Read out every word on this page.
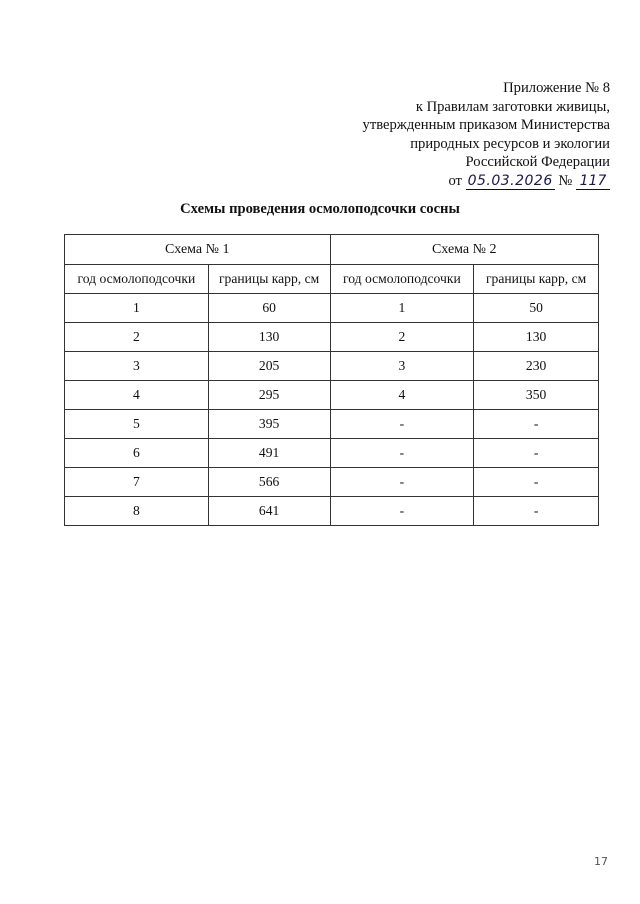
Приложение № 8
к Правилам заготовки живицы,
утвержденным приказом Министерства
природных ресурсов и экологии
Российской Федерации
от 05.03.2026 № 117
Схемы проведения осмолоподсочки сосны
Схема № 1		Схема № 2	
год осмолоподсочки	границы карр, см	год осмолоподсочки	границы карр, см
1	60	1	50
2	130	2	130
3	205	3	230
4	295	4	350
5	395	-	-
6	491	-	-
7	566	-	-
8	641	-	-
17
